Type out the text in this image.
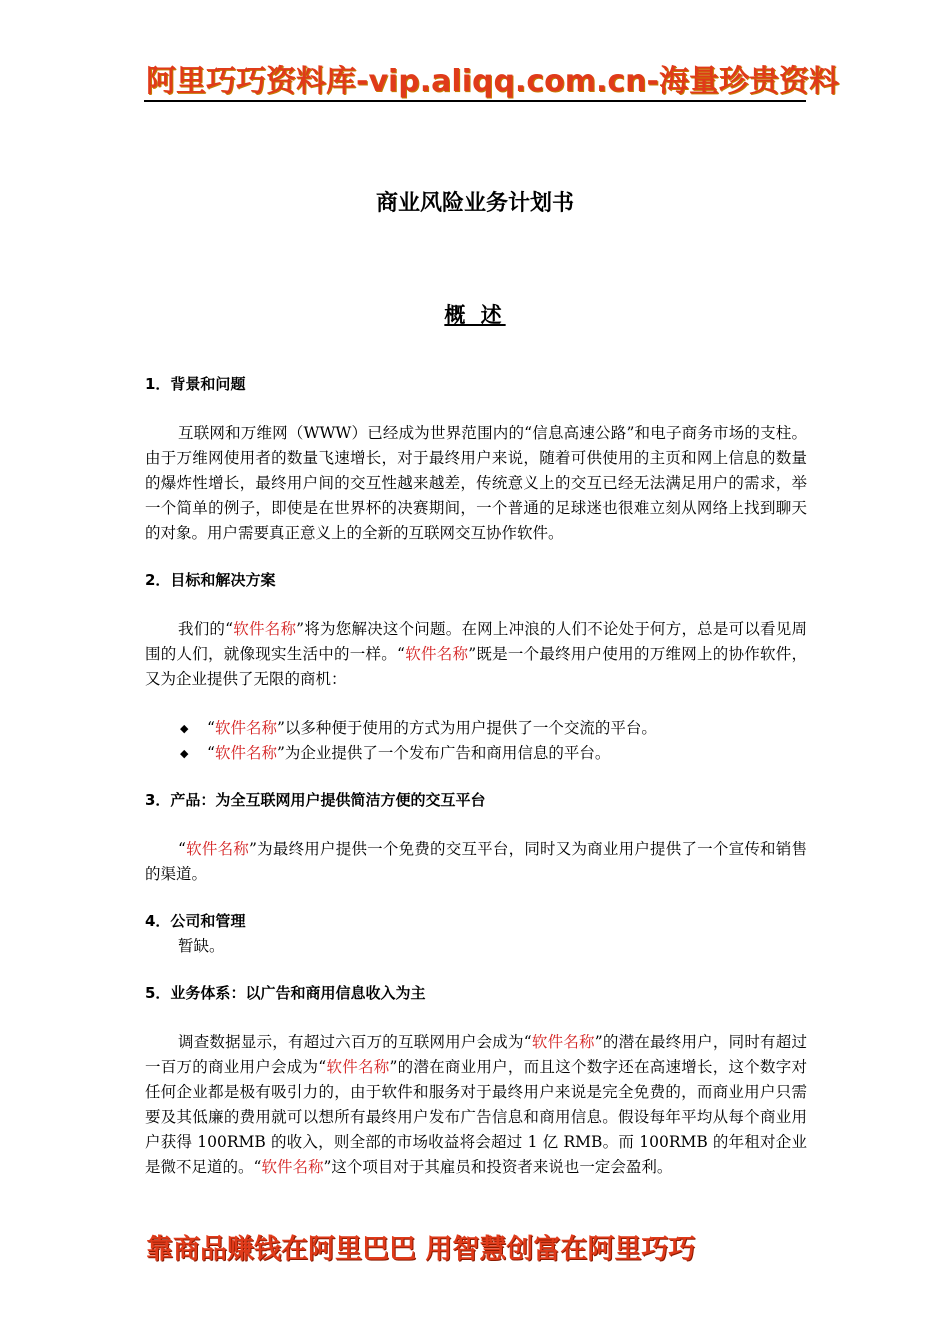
阿里巧巧资料库-vip.aliqq.com.cn-海量珍贵资料
商业风险业务计划书
概 述

1．背景和问题

互联网和万维网（WWW）已经成为世界范围内的“信息高速公路”和电子商务市场的支柱。由于万维网使用者的数量飞速增长，对于最终用户来说，随着可供使用的主页和网上信息的数量的爆炸性增长，最终用户间的交互性越来越差，传统意义上的交互已经无法满足用户的需求，举一个简单的例子，即使是在世界杯的决赛期间，一个普通的足球迷也很难立刻从网络上找到聊天的对象。用户需要真正意义上的全新的互联网交互协作软件。

2．目标和解决方案

我们的“软件名称”将为您解决这个问题。在网上冲浪的人们不论处于何方，总是可以看见周围的人们，就像现实生活中的一样。“软件名称”既是一个最终用户使用的万维网上的协作软件，又为企业提供了无限的商机：

◆ “软件名称”以多种便于使用的方式为用户提供了一个交流的平台。
◆ “软件名称”为企业提供了一个发布广告和商用信息的平台。

3．产品：为全互联网用户提供简洁方便的交互平台

“软件名称”为最终用户提供一个免费的交互平台，同时又为商业用户提供了一个宣传和销售的渠道。

4．公司和管理

暂缺。

5．业务体系：以广告和商用信息收入为主

调查数据显示，有超过六百万的互联网用户会成为“软件名称”的潜在最终用户，同时有超过一百万的商业用户会成为“软件名称”的潜在商业用户，而且这个数字还在高速增长，这个数字对任何企业都是极有吸引力的，由于软件和服务对于最终用户来说是完全免费的，而商业用户只需要及其低廉的费用就可以想所有最终用户发布广告信息和商用信息。假设每年平均从每个商业用户获得 100RMB 的收入，则全部的市场收益将会超过 1 亿 RMB。而 100RMB 的年租对企业是微不足道的。“软件名称”这个项目对于其雇员和投资者来说也一定会盈利。

靠商品赚钱在阿里巴巴 用智慧创富在阿里巧巧
